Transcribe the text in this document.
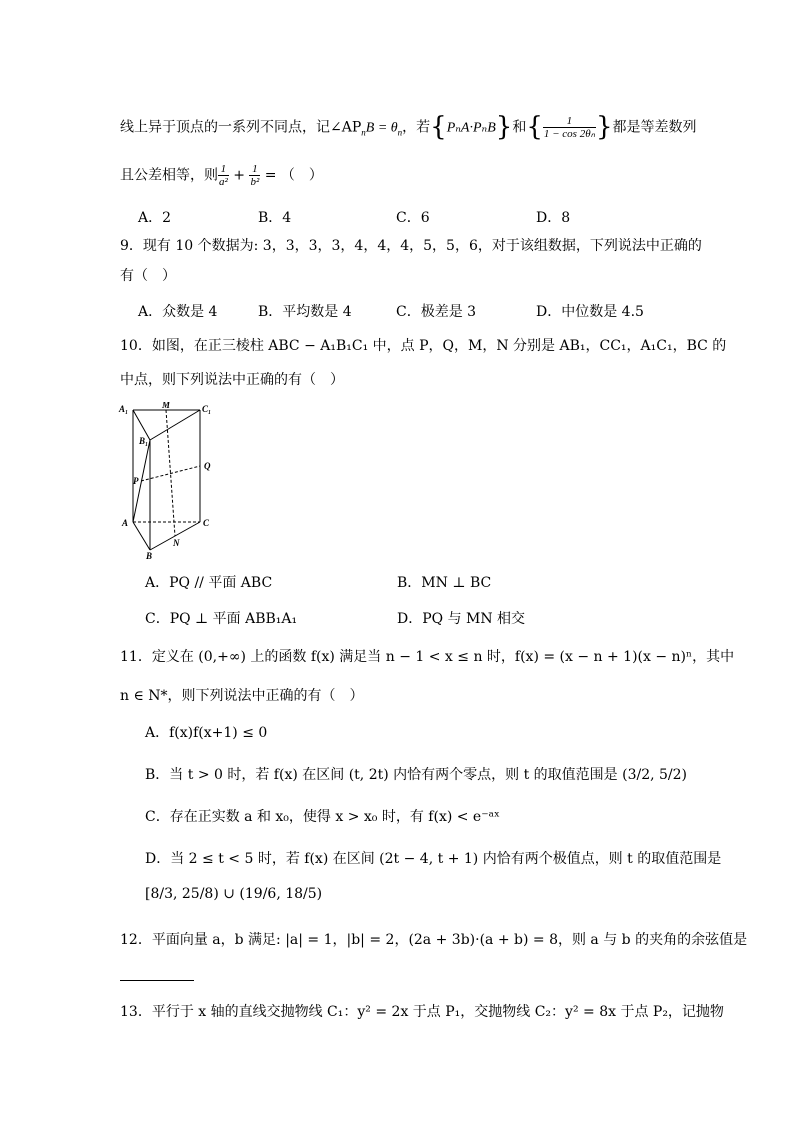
线上异于顶点的一系列不同点，记$\angle AP_nB = \theta_n$，若{PₙA·PₙB}和{ $\frac{1}{\text{1 − cos 2θₙ}}$ }都是等差数列
且公差相等，则 $\frac{1}{\text{a²}} + \frac{1}{\text{b²}}$ = （　）
A．2	B．4	C．6	D．8
9．现有 10 个数据为: 3，3，3，3，4，4，4，5，5，6，对于该组数据，下列说法中正确的
有（　）
A．众数是 4	B．平均数是 4	C．极差是 3	D．中位数是 4.5
10．如图，在正三棱柱 ABC − A₁B₁C₁ 中，点 P，Q，M，N 分别是 AB₁，CC₁，A₁C₁，BC 的
中点，则下列说法中正确的有（　）
A₁	M	C₁
B₁
Q
P
A	C
N
B
A．PQ // 平面 ABC	B．MN ⊥ BC
C．PQ ⊥ 平面 ABB₁A₁	D．PQ 与 MN 相交
11．定义在 (0,+∞) 上的函数 f(x) 满足当 n − 1 < x ≤ n 时，f(x) = (x − n + 1)(x − n)ⁿ，其中
n ∈ N*，则下列说法中正确的有（　）
A．f(x)f(x+1) ≤ 0
B．当 t > 0 时，若 f(x) 在区间 (t, 2t) 内恰有两个零点，则 t 的取值范围是 (3/2, 5/2)
C．存在正实数 a 和 x₀，使得 x > x₀ 时，有 f(x) < e⁻ᵃˣ
D．当 2 ≤ t < 5 时，若 f(x) 在区间 (2t − 4, t + 1) 内恰有两个极值点，则 t 的取值范围是
[8/3, 25/8) ∪ (19/6, 18/5)
12．平面向量 a，b 满足: |a| = 1，|b| = 2，(2a + 3b)·(a + b) = 8，则 a 与 b 的夹角的余弦值是
13．平行于 x 轴的直线交抛物线 C₁：y² = 2x 于点 P₁，交抛物线 C₂：y² = 8x 于点 P₂，记抛物
